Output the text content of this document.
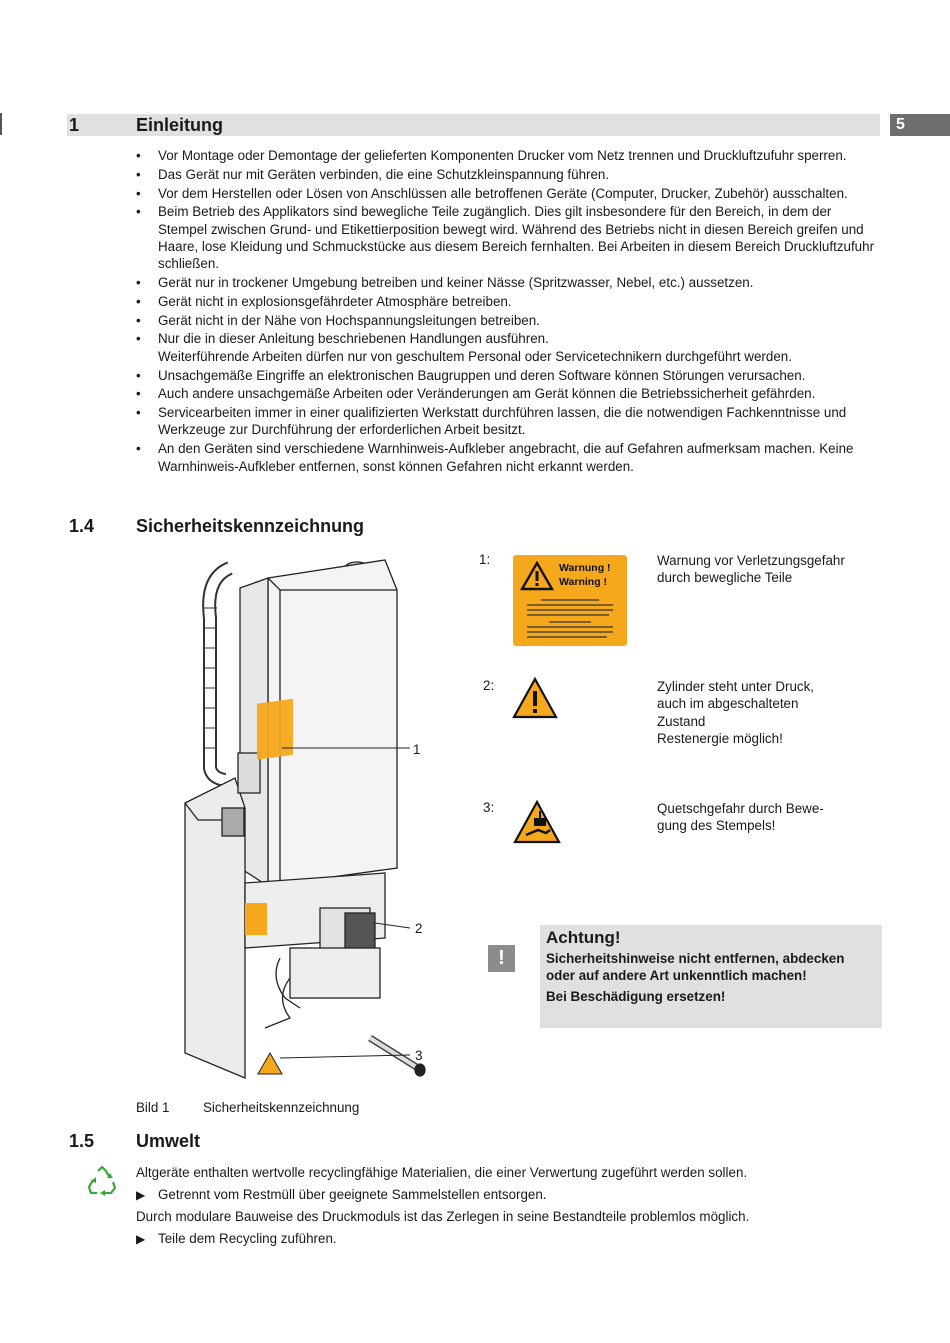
1	Einleitung	5
• Vor Montage oder Demontage der gelieferten Komponenten Drucker vom Netz trennen und Druckluftzufuhr sperren.
• Das Gerät nur mit Geräten verbinden, die eine Schutzkleinspannung führen.
• Vor dem Herstellen oder Lösen von Anschlüssen alle betroffenen Geräte (Computer, Drucker, Zubehör) ausschalten.
• Beim Betrieb des Applikators sind bewegliche Teile zugänglich. Dies gilt insbesondere für den Bereich, in dem der Stempel zwischen Grund- und Etikettierposition bewegt wird. Während des Betriebs nicht in diesen Bereich greifen und Haare, lose Kleidung und Schmuckstücke aus diesem Bereich fernhalten. Bei Arbeiten in diesem Bereich Druckluftzufuhr schließen.
• Gerät nur in trockener Umgebung betreiben und keiner Nässe (Spritzwasser, Nebel, etc.) aussetzen.
• Gerät nicht in explosionsgefährdeter Atmosphäre betreiben.
• Gerät nicht in der Nähe von Hochspannungsleitungen betreiben.
• Nur die in dieser Anleitung beschriebenen Handlungen ausführen.
Weiterführende Arbeiten dürfen nur von geschultem Personal oder Servicetechnikern durchgeführt werden.
• Unsachgemäße Eingriffe an elektronischen Baugruppen und deren Software können Störungen verursachen.
• Auch andere unsachgemäße Arbeiten oder Veränderungen am Gerät können die Betriebssicherheit gefährden.
• Servicearbeiten immer in einer qualifizierten Werkstatt durchführen lassen, die die notwendigen Fachkenntnisse und Werkzeuge zur Durchführung der erforderlichen Arbeit besitzt.
• An den Geräten sind verschiedene Warnhinweis-Aufkleber angebracht, die auf Gefahren aufmerksam machen. Keine Warnhinweis-Aufkleber entfernen, sonst können Gefahren nicht erkannt werden.
1.4 Sicherheitskennzeichnung
1
2
3
1:
Warnung !
Warning !
Warnung vor Verletzungsgefahr
durch bewegliche Teile
2:	Zylinder steht unter Druck,
auch im abgeschalteten
Zustand
Restenergie möglich!
3:	Quetschgefahr durch Bewe-
gung des Stempels!
!
Achtung!
Sicherheitshinweise nicht entfernen, abdecken
oder auf andere Art unkenntlich machen!
Bei Beschädigung ersetzen!
Bild 1	Sicherheitskennzeichnung
1.5 Umwelt
Altgeräte enthalten wertvolle recyclingfähige Materialien, die einer Verwertung zugeführt werden sollen.
▶ Getrennt vom Restmüll über geeignete Sammelstellen entsorgen.
Durch modulare Bauweise des Druckmoduls ist das Zerlegen in seine Bestandteile problemlos möglich.
▶ Teile dem Recycling zuführen.
